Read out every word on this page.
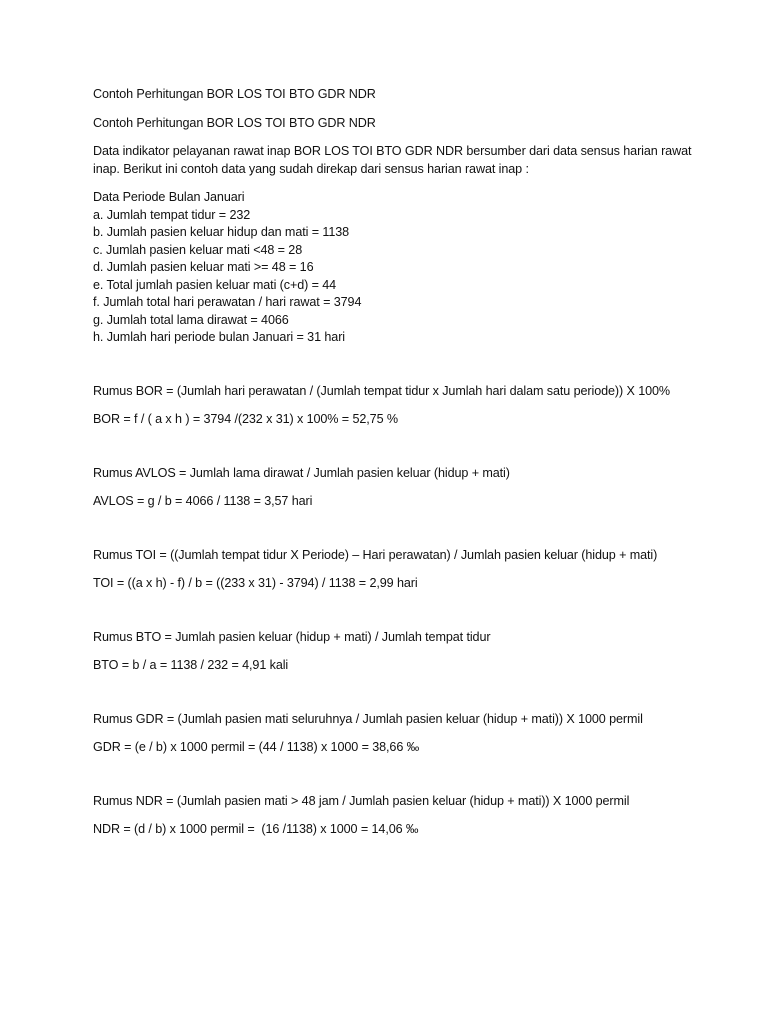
Contoh Perhitungan BOR LOS TOI BTO GDR NDR

Contoh Perhitungan BOR LOS TOI BTO GDR NDR

Data indikator pelayanan rawat inap BOR LOS TOI BTO GDR NDR bersumber dari data sensus harian rawat inap. Berikut ini contoh data yang sudah direkap dari sensus harian rawat inap :

Data Periode Bulan Januari

a. Jumlah tempat tidur = 232

b. Jumlah pasien keluar hidup dan mati = 1138

c. Jumlah pasien keluar mati <48 = 28

d. Jumlah pasien keluar mati >= 48 = 16

e. Total jumlah pasien keluar mati (c+d) = 44

f. Jumlah total hari perawatan / hari rawat = 3794

g. Jumlah total lama dirawat = 4066

h. Jumlah hari periode bulan Januari = 31 hari

Rumus BOR = (Jumlah hari perawatan / (Jumlah tempat tidur x Jumlah hari dalam satu periode)) X 100%

BOR = f / ( a x h ) = 3794 /(232 x 31) x 100% = 52,75 %

Rumus AVLOS = Jumlah lama dirawat / Jumlah pasien keluar (hidup + mati)

AVLOS = g / b = 4066 / 1138 = 3,57 hari

Rumus TOI = ((Jumlah tempat tidur X Periode) – Hari perawatan) / Jumlah pasien keluar (hidup + mati)

TOI = ((a x h) - f) / b = ((233 x 31) - 3794) / 1138 = 2,99 hari

Rumus BTO = Jumlah pasien keluar (hidup + mati) / Jumlah tempat tidur

BTO = b / a = 1138 / 232 = 4,91 kali

Rumus GDR = (Jumlah pasien mati seluruhnya / Jumlah pasien keluar (hidup + mati)) X 1000 permil

GDR = (e / b) x 1000 permil = (44 / 1138) x 1000 = 38,66 ‰

Rumus NDR = (Jumlah pasien mati > 48 jam / Jumlah pasien keluar (hidup + mati)) X 1000 permil

NDR = (d / b) x 1000 permil =  (16 /1138) x 1000 = 14,06 ‰
